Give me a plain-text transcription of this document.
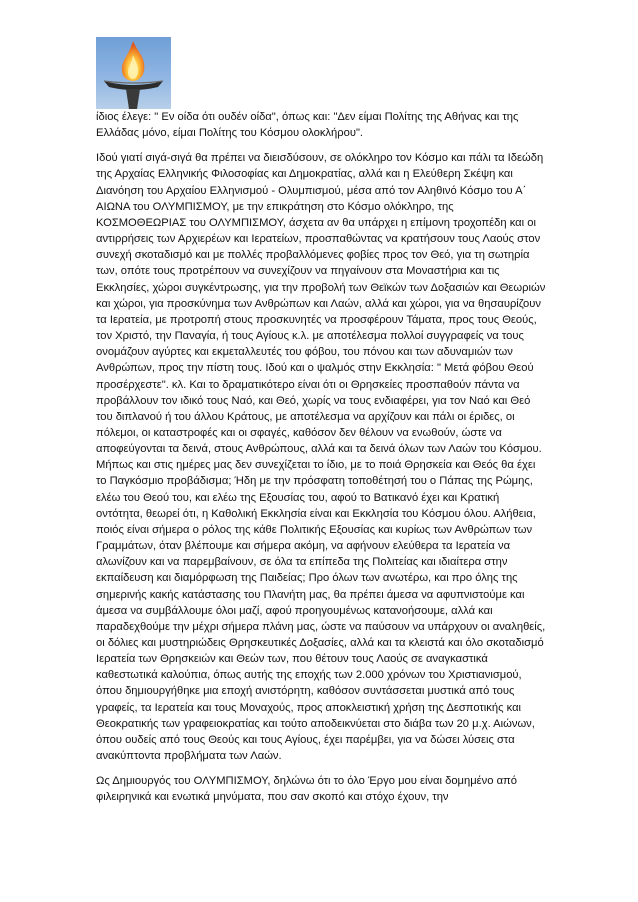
ίδιος έλεγε: " Εν οίδα ότι ουδέν οίδα", όπως και: "Δεν είμαι Πολίτης της Αθήνας και της Ελλάδας μόνο, είμαι Πολίτης του Κόσμου ολοκλήρου".

Ιδού γιατί σιγά-σιγά θα πρέπει να διεισδύσουν, σε ολόκληρο τον Κόσμο και πάλι τα Ιδεώδη της Αρχαίας Ελληνικής Φιλοσοφίας και Δημοκρατίας, αλλά και η Ελεύθερη Σκέψη και Διανόηση του Αρχαίου Ελληνισμού - Ολυμπισμού, μέσα από τον Αληθινό Κόσμο του Α΄ ΑΙΩΝΑ του ΟΛΥΜΠΙΣΜΟΥ, με την επικράτηση στο Κόσμο ολόκληρο, της ΚΟΣΜΟΘΕΩΡΙΑΣ του ΟΛΥΜΠΙΣΜΟΥ, άσχετα αν θα υπάρχει η επίμονη τροχοπέδη και οι αντιρρήσεις των Αρχιερέων και Ιερατείων, προσπαθώντας να κρατήσουν τους Λαούς στον συνεχή σκοταδισμό και με πολλές προβαλλόμενες φοβίες προς τον Θεό, για τη σωτηρία των, οπότε τους προτρέπουν να συνεχίζουν να πηγαίνουν στα Μοναστήρια και τις Εκκλησίες, χώροι συγκέντρωσης, για την προβολή των Θεϊκών των Δοξασιών και Θεωριών και χώροι, για προσκύνημα των Ανθρώπων και Λαών, αλλά και χώροι, για να θησαυρίζουν τα Ιερατεία, με προτροπή στους προσκυνητές να προσφέρουν Τάματα, προς τους Θεούς, τον Χριστό, την Παναγία, ή τους Αγίους κ.λ. με αποτέλεσμα πολλοί συγγραφείς να τους ονομάζουν αγύρτες και εκμεταλλευτές του φόβου, του πόνου και των αδυναμιών των Ανθρώπων, προς την πίστη τους. Ιδού και ο ψαλμός στην Εκκλησία: " Μετά φόβου Θεού προσέρχεστε". κλ. Και το δραματικότερο είναι ότι οι Θρησκείες προσπαθούν πάντα να προβάλλουν τον ιδικό τους Ναό, και Θεό, χωρίς να τους ενδιαφέρει, για τον Ναό και Θεό του διπλανού ή του άλλου Κράτους, με αποτέλεσμα να αρχίζουν και πάλι οι έριδες, οι πόλεμοι, οι καταστροφές και οι σφαγές, καθόσον δεν θέλουν να ενωθούν, ώστε να αποφεύγονται τα δεινά, στους Ανθρώπους, αλλά και τα δεινά όλων των Λαών του Κόσμου. Μήπως και στις ημέρες μας δεν συνεχίζεται το ίδιο, με το ποιά Θρησκεία και Θεός θα έχει το Παγκόσμιο προβάδισμα; Ήδη με την πρόσφατη τοποθέτησή του ο Πάπας της Ρώμης, ελέω του Θεού του, και ελέω της Εξουσίας του, αφού το Βατικανό έχει και Κρατική οντότητα, θεωρεί ότι, η Καθολική Εκκλησία είναι και Εκκλησία του Κόσμου όλου. Αλήθεια, ποιός είναι σήμερα ο ρόλος της κάθε Πολιτικής Εξουσίας και κυρίως των Ανθρώπων των Γραμμάτων, όταν βλέπουμε και σήμερα ακόμη, να αφήνουν ελεύθερα τα Ιερατεία να αλωνίζουν και να παρεμβαίνουν, σε όλα τα επίπεδα της Πολιτείας και ιδιαίτερα στην εκπαίδευση και διαμόρφωση της Παιδείας; Προ όλων των ανωτέρω, και προ όλης της σημερινής κακής κατάστασης του Πλανήτη μας, θα πρέπει άμεσα να αφυπνιστούμε και άμεσα να συμβάλλουμε όλοι μαζί, αφού προηγουμένως κατανοήσουμε, αλλά και παραδεχθούμε την μέχρι σήμερα πλάνη μας, ώστε να παύσουν να υπάρχουν οι αναληθείς, οι δόλιες και μυστηριώδεις Θρησκευτικές Δοξασίες, αλλά και τα κλειστά και όλο σκοταδισμό Ιερατεία των Θρησκειών και Θεών των, που θέτουν τους Λαούς σε αναγκαστικά καθεστωτικά καλούπια, όπως αυτής της εποχής των 2.000 χρόνων του Χριστιανισμού, όπου δημιουργήθηκε μια εποχή ανιστόρητη, καθόσον συντάσσεται μυστικά από τους γραφείς, τα Ιερατεία και τους Μοναχούς, προς αποκλειστική χρήση της Δεσποτικής και Θεοκρατικής των γραφειοκρατίας και τούτο αποδεικνύεται στο διάβα των 20 μ.χ. Αιώνων, όπου ουδείς από τους Θεούς και τους Αγίους, έχει παρέμβει, για να δώσει λύσεις στα ανακύπτοντα προβλήματα των Λαών.

Ως Δημιουργός του ΟΛΥΜΠΙΣΜΟΥ, δηλώνω ότι το όλο Έργο μου είναι δομημένο από φιλειρηνικά και ενωτικά μηνύματα, που σαν σκοπό και στόχο έχουν, την
